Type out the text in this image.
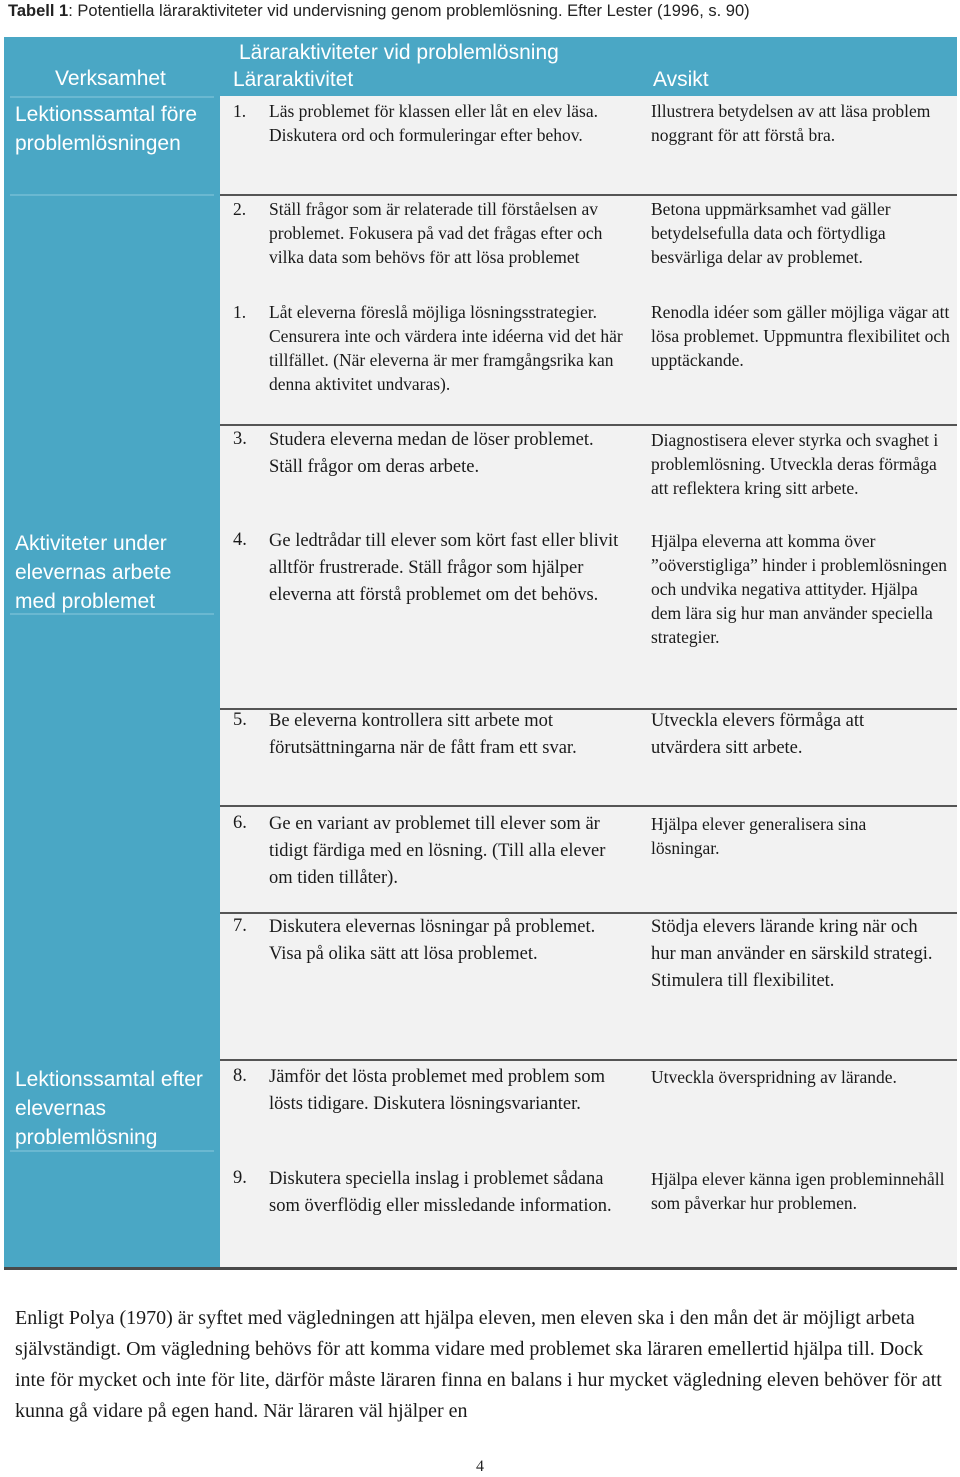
Tabell 1: Potentiella läraraktiviteter vid undervisning genom problemlösning. Efter Lester (1996, s. 90)
Verksamhet
Läraraktiviteter vid problemlösning
Läraraktivitet	Avsikt
Lektionssamtal före problemlösningen
Aktiviteter under elevernas arbete med problemet
Lektionssamtal efter elevernas problemlösning
1. Läs problemet för klassen eller låt en elev läsa. Diskutera ord och formuleringar efter behov.
Illustrera betydelsen av att läsa problem noggrant för att förstå bra.
2. Ställ frågor som är relaterade till förståelsen av problemet. Fokusera på vad det frågas efter och vilka data som behövs för att lösa problemet
Betona uppmärksamhet vad gäller betydelsefulla data och förtydliga besvärliga delar av problemet.
1. Låt eleverna föreslå möjliga lösningsstrategier. Censurera inte och värdera inte idéerna vid det här tillfället. (När eleverna är mer framgångsrika kan denna aktivitet undvaras).
Renodla idéer som gäller möjliga vägar att lösa problemet. Uppmuntra flexibilitet och upptäckande.
3. Studera eleverna medan de löser problemet. Ställ frågor om deras arbete.
Diagnostisera elever styrka och svaghet i problemlösning. Utveckla deras förmåga att reflektera kring sitt arbete.
4. Ge ledtrådar till elever som kört fast eller blivit alltför frustrerade. Ställ frågor som hjälper eleverna att förstå problemet om det behövs.
Hjälpa eleverna att komma över ”oöverstigliga” hinder i problemlösningen och undvika negativa attityder. Hjälpa dem lära sig hur man använder speciella strategier.
5. Be eleverna kontrollera sitt arbete mot förutsättningarna när de fått fram ett svar.
Utveckla elevers förmåga att utvärdera sitt arbete.
6. Ge en variant av problemet till elever som är tidigt färdiga med en lösning. (Till alla elever om tiden tillåter).
Hjälpa elever generalisera sina lösningar.
7. Diskutera elevernas lösningar på problemet. Visa på olika sätt att lösa problemet.
Stödja elevers lärande kring när och hur man använder en särskild strategi. Stimulera till flexibilitet.
8. Jämför det lösta problemet med problem som lösts tidigare. Diskutera lösningsvarianter.
Utveckla överspridning av lärande.
9. Diskutera speciella inslag i problemet sådana som överflödig eller missledande information.
Hjälpa elever känna igen probleminnehåll som påverkar hur problemen.
Enligt Polya (1970) är syftet med vägledningen att hjälpa eleven, men eleven ska i den mån det är möjligt arbeta självständigt. Om vägledning behövs för att komma vidare med problemet ska läraren emellertid hjälpa till. Dock inte för mycket och inte för lite, därför måste läraren finna en balans i hur mycket vägledning eleven behöver för att kunna gå vidare på egen hand. När läraren väl hjälper en
4
